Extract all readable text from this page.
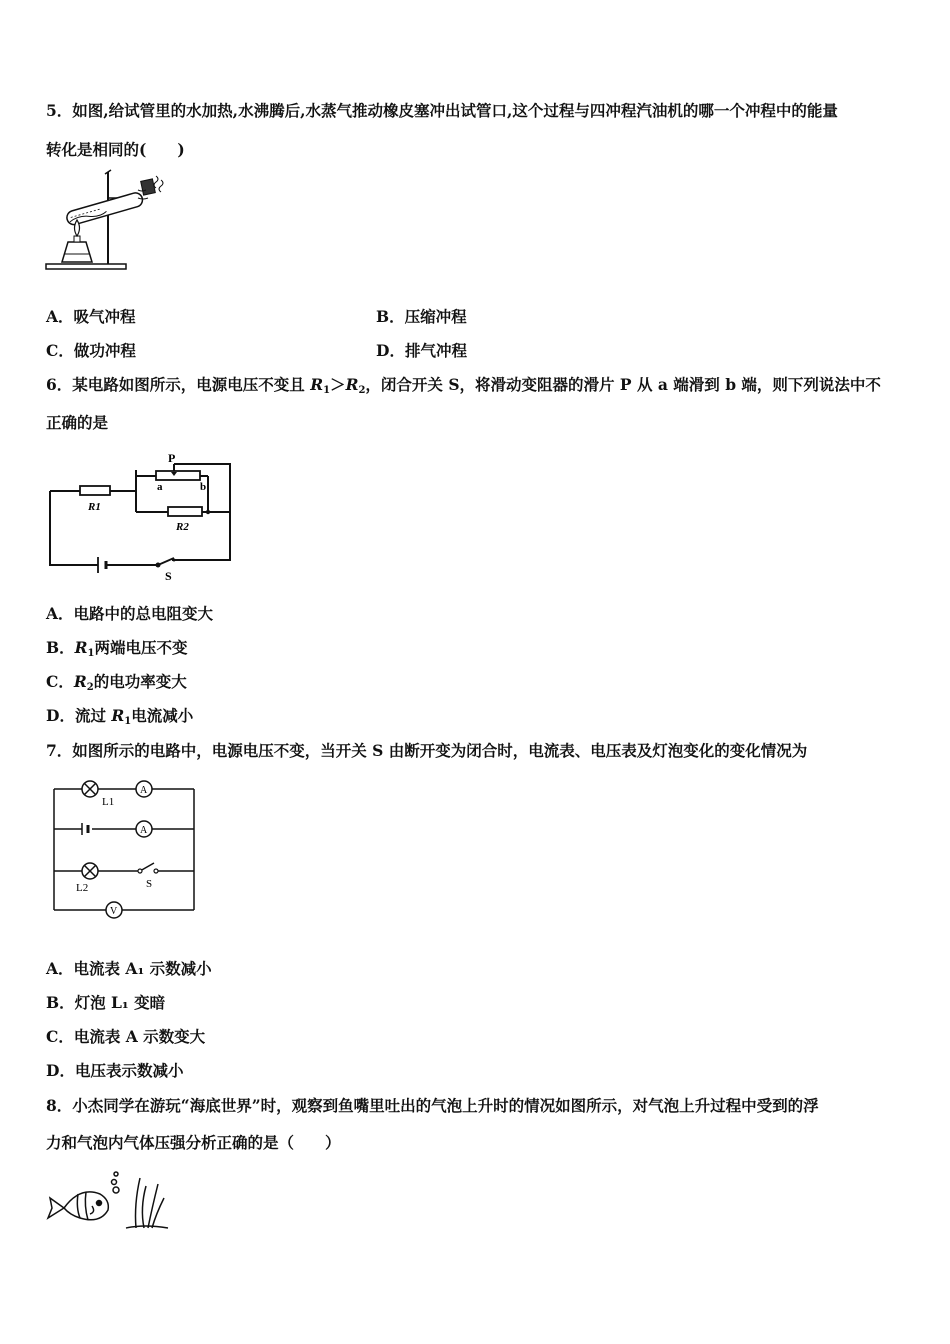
5．如图,给试管里的水加热,水沸腾后,水蒸气推动橡皮塞冲出试管口,这个过程与四冲程汽油机的哪一个冲程中的能量
转化是相同的(　　)
A．吸气冲程	B．压缩冲程
C．做功冲程	D．排气冲程
6．某电路如图所示，电源电压不变且 $R_1>R_2$，闭合开关 S，将滑动变阻器的滑片 P 从 a 端滑到 b 端，则下列说法中不
正确的是
P
a	b
R1
R2
S
A．电路中的总电阻变大
B．$R_1$两端电压不变
C．$R_2$的电功率变大
D．流过 $R_1$电流减小
7．如图所示的电路中，电源电压不变，当开关 S 由断开变为闭合时，电流表、电压表及灯泡变化的变化情况为
A
A
V
L1
L2	S
A．电流表 A₁ 示数减小
B．灯泡 L₁ 变暗
C．电流表 A 示数变大
D．电压表示数减小
8．小杰同学在游玩“海底世界”时，观察到鱼嘴里吐出的气泡上升时的情况如图所示，对气泡上升过程中受到的浮
力和气泡内气体压强分析正确的是（　　）
